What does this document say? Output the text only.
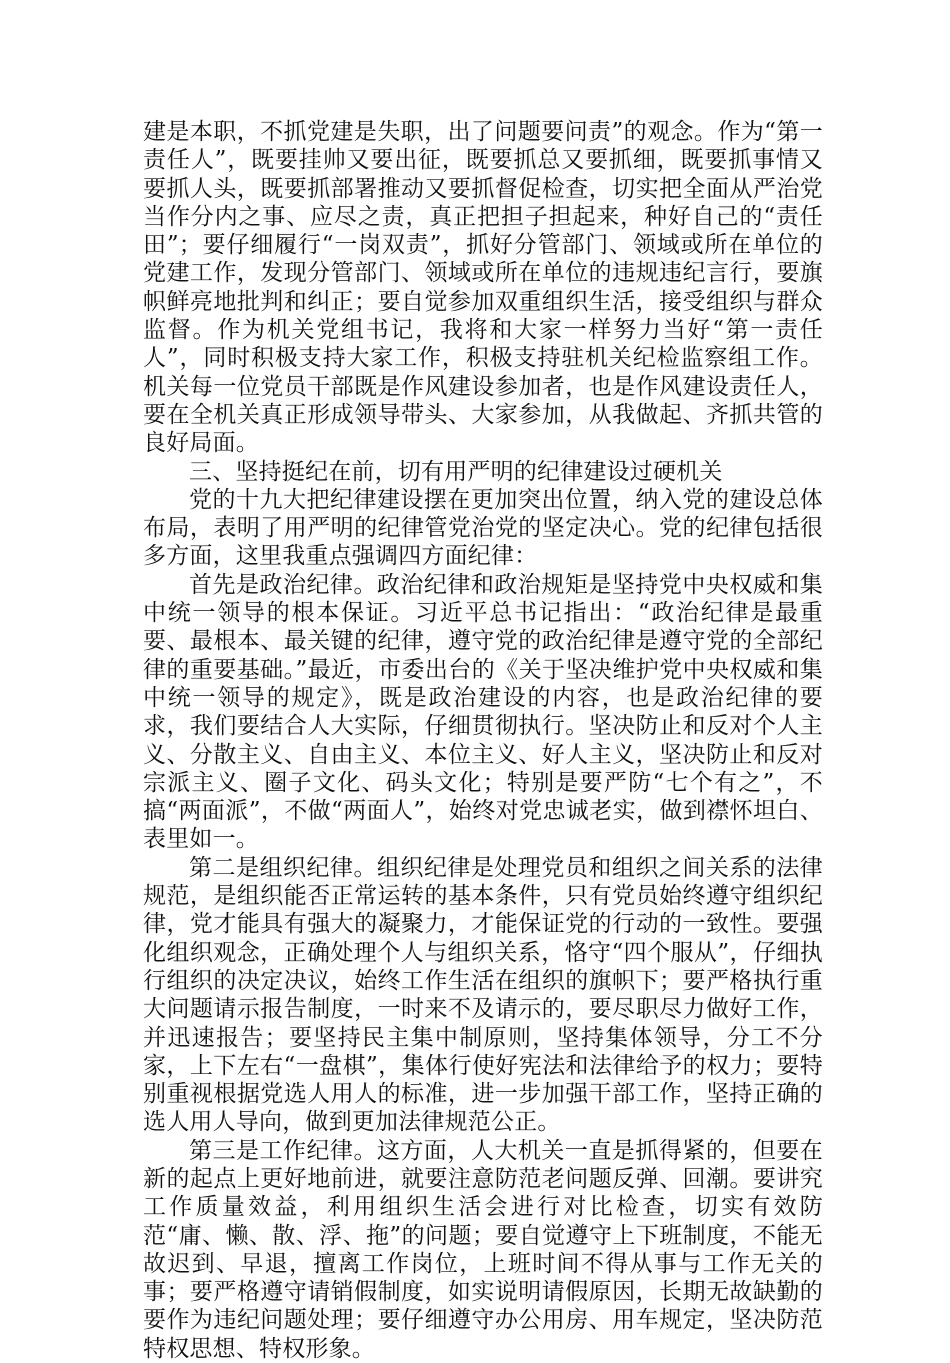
建是本职，不抓党建是失职，出了问题要问责”的观念。作为“第一责任人”，既要挂帅又要出征，既要抓总又要抓细，既要抓事情又要抓人头，既要抓部署推动又要抓督促检查，切实把全面从严治党当作分内之事、应尽之责，真正把担子担起来，种好自己的“责任田”；要仔细履行“一岗双责”，抓好分管部门、领域或所在单位的党建工作，发现分管部门、领域或所在单位的违规违纪言行，要旗帜鲜亮地批判和纠正；要自觉参加双重组织生活，接受组织与群众监督。作为机关党组书记，我将和大家一样努力当好“第一责任人”，同时积极支持大家工作，积极支持驻机关纪检监察组工作。机关每一位党员干部既是作风建设参加者，也是作风建设责任人，要在全机关真正形成领导带头、大家参加，从我做起、齐抓共管的良好局面。

三、坚持挺纪在前，切有用严明的纪律建设过硬机关

党的十九大把纪律建设摆在更加突出位置，纳入党的建设总体布局，表明了用严明的纪律管党治党的坚定决心。党的纪律包括很多方面，这里我重点强调四方面纪律：

首先是政治纪律。政治纪律和政治规矩是坚持党中央权威和集中统一领导的根本保证。习近平总书记指出：“政治纪律是最重要、最根本、最关键的纪律，遵守党的政治纪律是遵守党的全部纪律的重要基础。”最近，市委出台的《关于坚决维护党中央权威和集中统一领导的规定》，既是政治建设的内容，也是政治纪律的要求，我们要结合人大实际，仔细贯彻执行。坚决防止和反对个人主义、分散主义、自由主义、本位主义、好人主义，坚决防止和反对宗派主义、圈子文化、码头文化；特别是要严防“七个有之”，不搞“两面派”，不做“两面人”，始终对党忠诚老实，做到襟怀坦白、表里如一。

第二是组织纪律。组织纪律是处理党员和组织之间关系的法律规范，是组织能否正常运转的基本条件，只有党员始终遵守组织纪律，党才能具有强大的凝聚力，才能保证党的行动的一致性。要强化组织观念，正确处理个人与组织关系，恪守“四个服从”，仔细执行组织的决定决议，始终工作生活在组织的旗帜下；要严格执行重大问题请示报告制度，一时来不及请示的，要尽职尽力做好工作，并迅速报告；要坚持民主集中制原则，坚持集体领导，分工不分家，上下左右“一盘棋”，集体行使好宪法和法律给予的权力；要特别重视根据党选人用人的标准，进一步加强干部工作，坚持正确的选人用人导向，做到更加法律规范公正。

第三是工作纪律。这方面，人大机关一直是抓得紧的，但要在新的起点上更好地前进，就要注意防范老问题反弹、回潮。要讲究工作质量效益，利用组织生活会进行对比检查，切实有效防范“庸、懒、散、浮、拖”的问题；要自觉遵守上下班制度，不能无故迟到、早退，擅离工作岗位，上班时间不得从事与工作无关的事；要严格遵守请销假制度，如实说明请假原因，长期无故缺勤的要作为违纪问题处理；要仔细遵守办公用房、用车规定，坚决防范特权思想、特权形象。
